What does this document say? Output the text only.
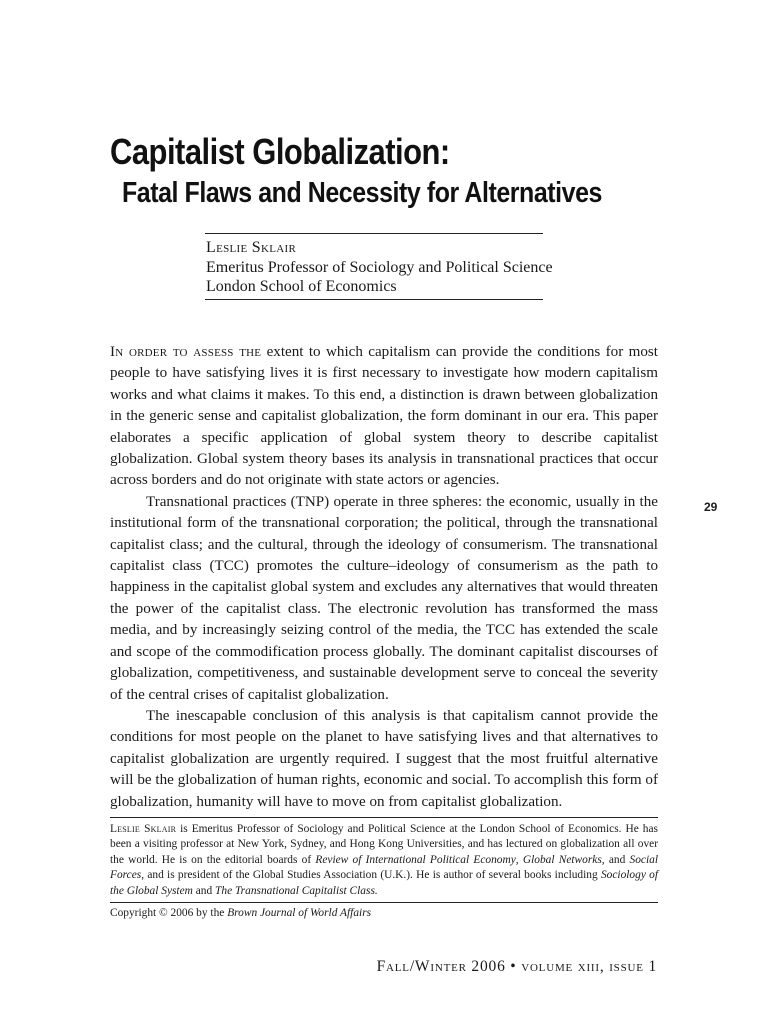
Capitalist Globalization:
Fatal Flaws and Necessity for Alternatives
Leslie Sklair
Emeritus Professor of Sociology and Political Science
London School of Economics

In order to assess the extent to which capitalism can provide the conditions for most people to have satisfying lives it is first necessary to investigate how modern capitalism works and what claims it makes. To this end, a distinction is drawn between globalization in the generic sense and capitalist globalization, the form dominant in our era. This paper elaborates a specific application of global system theory to describe capitalist globalization. Global system theory bases its analysis in transnational practices that occur across borders and do not originate with state actors or agencies.

Transnational practices (TNP) operate in three spheres: the economic, usually in the institutional form of the transnational corporation; the political, through the transnational capitalist class; and the cultural, through the ideology of consumerism. The transnational capitalist class (TCC) promotes the culture–ideology of consumerism as the path to happiness in the capitalist global system and excludes any alternatives that would threaten the power of the capitalist class. The electronic revolution has transformed the mass media, and by increasingly seizing control of the media, the TCC has extended the scale and scope of the commodification process globally. The dominant capitalist discourses of globalization, competitiveness, and sustainable development serve to conceal the severity of the central crises of capitalist globalization.

The inescapable conclusion of this analysis is that capitalism cannot provide the conditions for most people on the planet to have satisfying lives and that alternatives to capitalist globalization are urgently required. I suggest that the most fruitful alternative will be the globalization of human rights, economic and social. To accomplish this form of globalization, humanity will have to move on from capitalist globalization.

29
Leslie Sklair is Emeritus Professor of Sociology and Political Science at the London School of Economics. He has been a visiting professor at New York, Sydney, and Hong Kong Universities, and has lectured on globalization all over the world. He is on the editorial boards of Review of International Political Economy, Global Networks, and Social Forces, and is president of the Global Studies Association (U.K.). He is author of several books including Sociology of the Global System and The Transnational Capitalist Class.
Copyright © 2006 by the Brown Journal of World Affairs
Fall/Winter 2006 • volume xiii, issue 1
